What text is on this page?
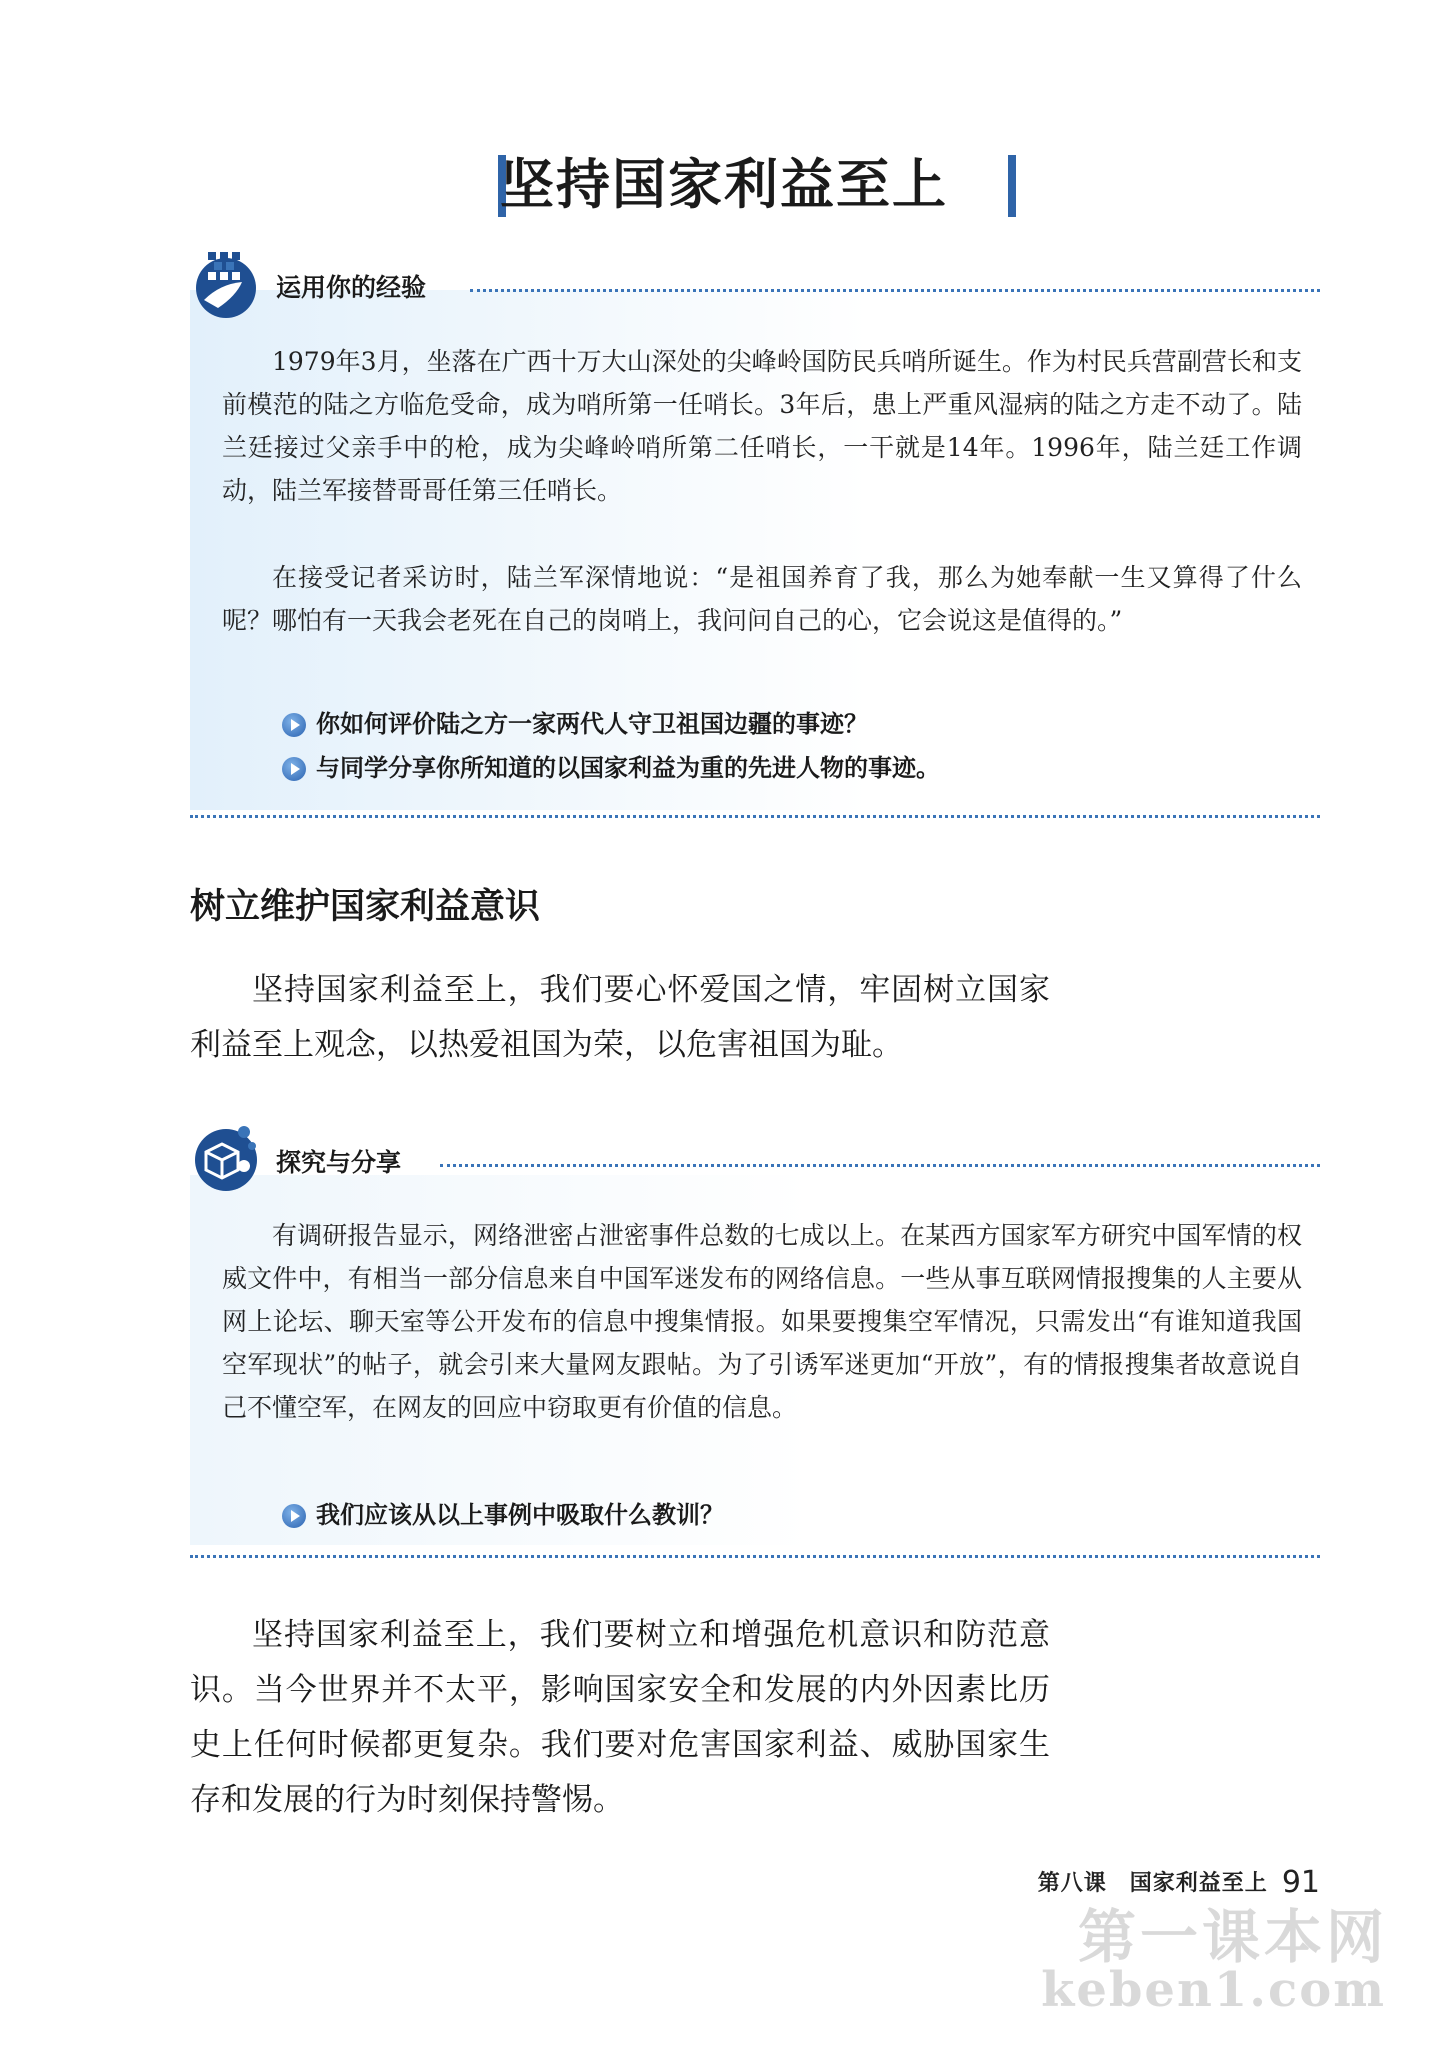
坚持国家利益至上
运用你的经验

1979年3月，坐落在广西十万大山深处的尖峰岭国防民兵哨所诞生。作为村民兵营副营长和支前模范的陆之方临危受命，成为哨所第一任哨长。3年后，患上严重风湿病的陆之方走不动了。陆兰廷接过父亲手中的枪，成为尖峰岭哨所第二任哨长，一干就是14年。1996年，陆兰廷工作调动，陆兰军接替哥哥任第三任哨长。

在接受记者采访时，陆兰军深情地说：“是祖国养育了我，那么为她奉献一生又算得了什么呢？哪怕有一天我会老死在自己的岗哨上，我问问自己的心，它会说这是值得的。”

你如何评价陆之方一家两代人守卫祖国边疆的事迹？
与同学分享你所知道的以国家利益为重的先进人物的事迹。
树立维护国家利益意识

坚持国家利益至上，我们要心怀爱国之情，牢固树立国家利益至上观念，以热爱祖国为荣，以危害祖国为耻。

探究与分享

有调研报告显示，网络泄密占泄密事件总数的七成以上。在某西方国家军方研究中国军情的权威文件中，有相当一部分信息来自中国军迷发布的网络信息。一些从事互联网情报搜集的人主要从网上论坛、聊天室等公开发布的信息中搜集情报。如果要搜集空军情况，只需发出“有谁知道我国空军现状”的帖子，就会引来大量网友跟帖。为了引诱军迷更加“开放”，有的情报搜集者故意说自己不懂空军，在网友的回应中窃取更有价值的信息。

我们应该从以上事例中吸取什么教训？

坚持国家利益至上，我们要树立和增强危机意识和防范意识。当今世界并不太平，影响国家安全和发展的内外因素比历史上任何时候都更复杂。我们要对危害国家利益、威胁国家生存和发展的行为时刻保持警惕。

第八课　国家利益至上 91
第一课本网
keben1.com
